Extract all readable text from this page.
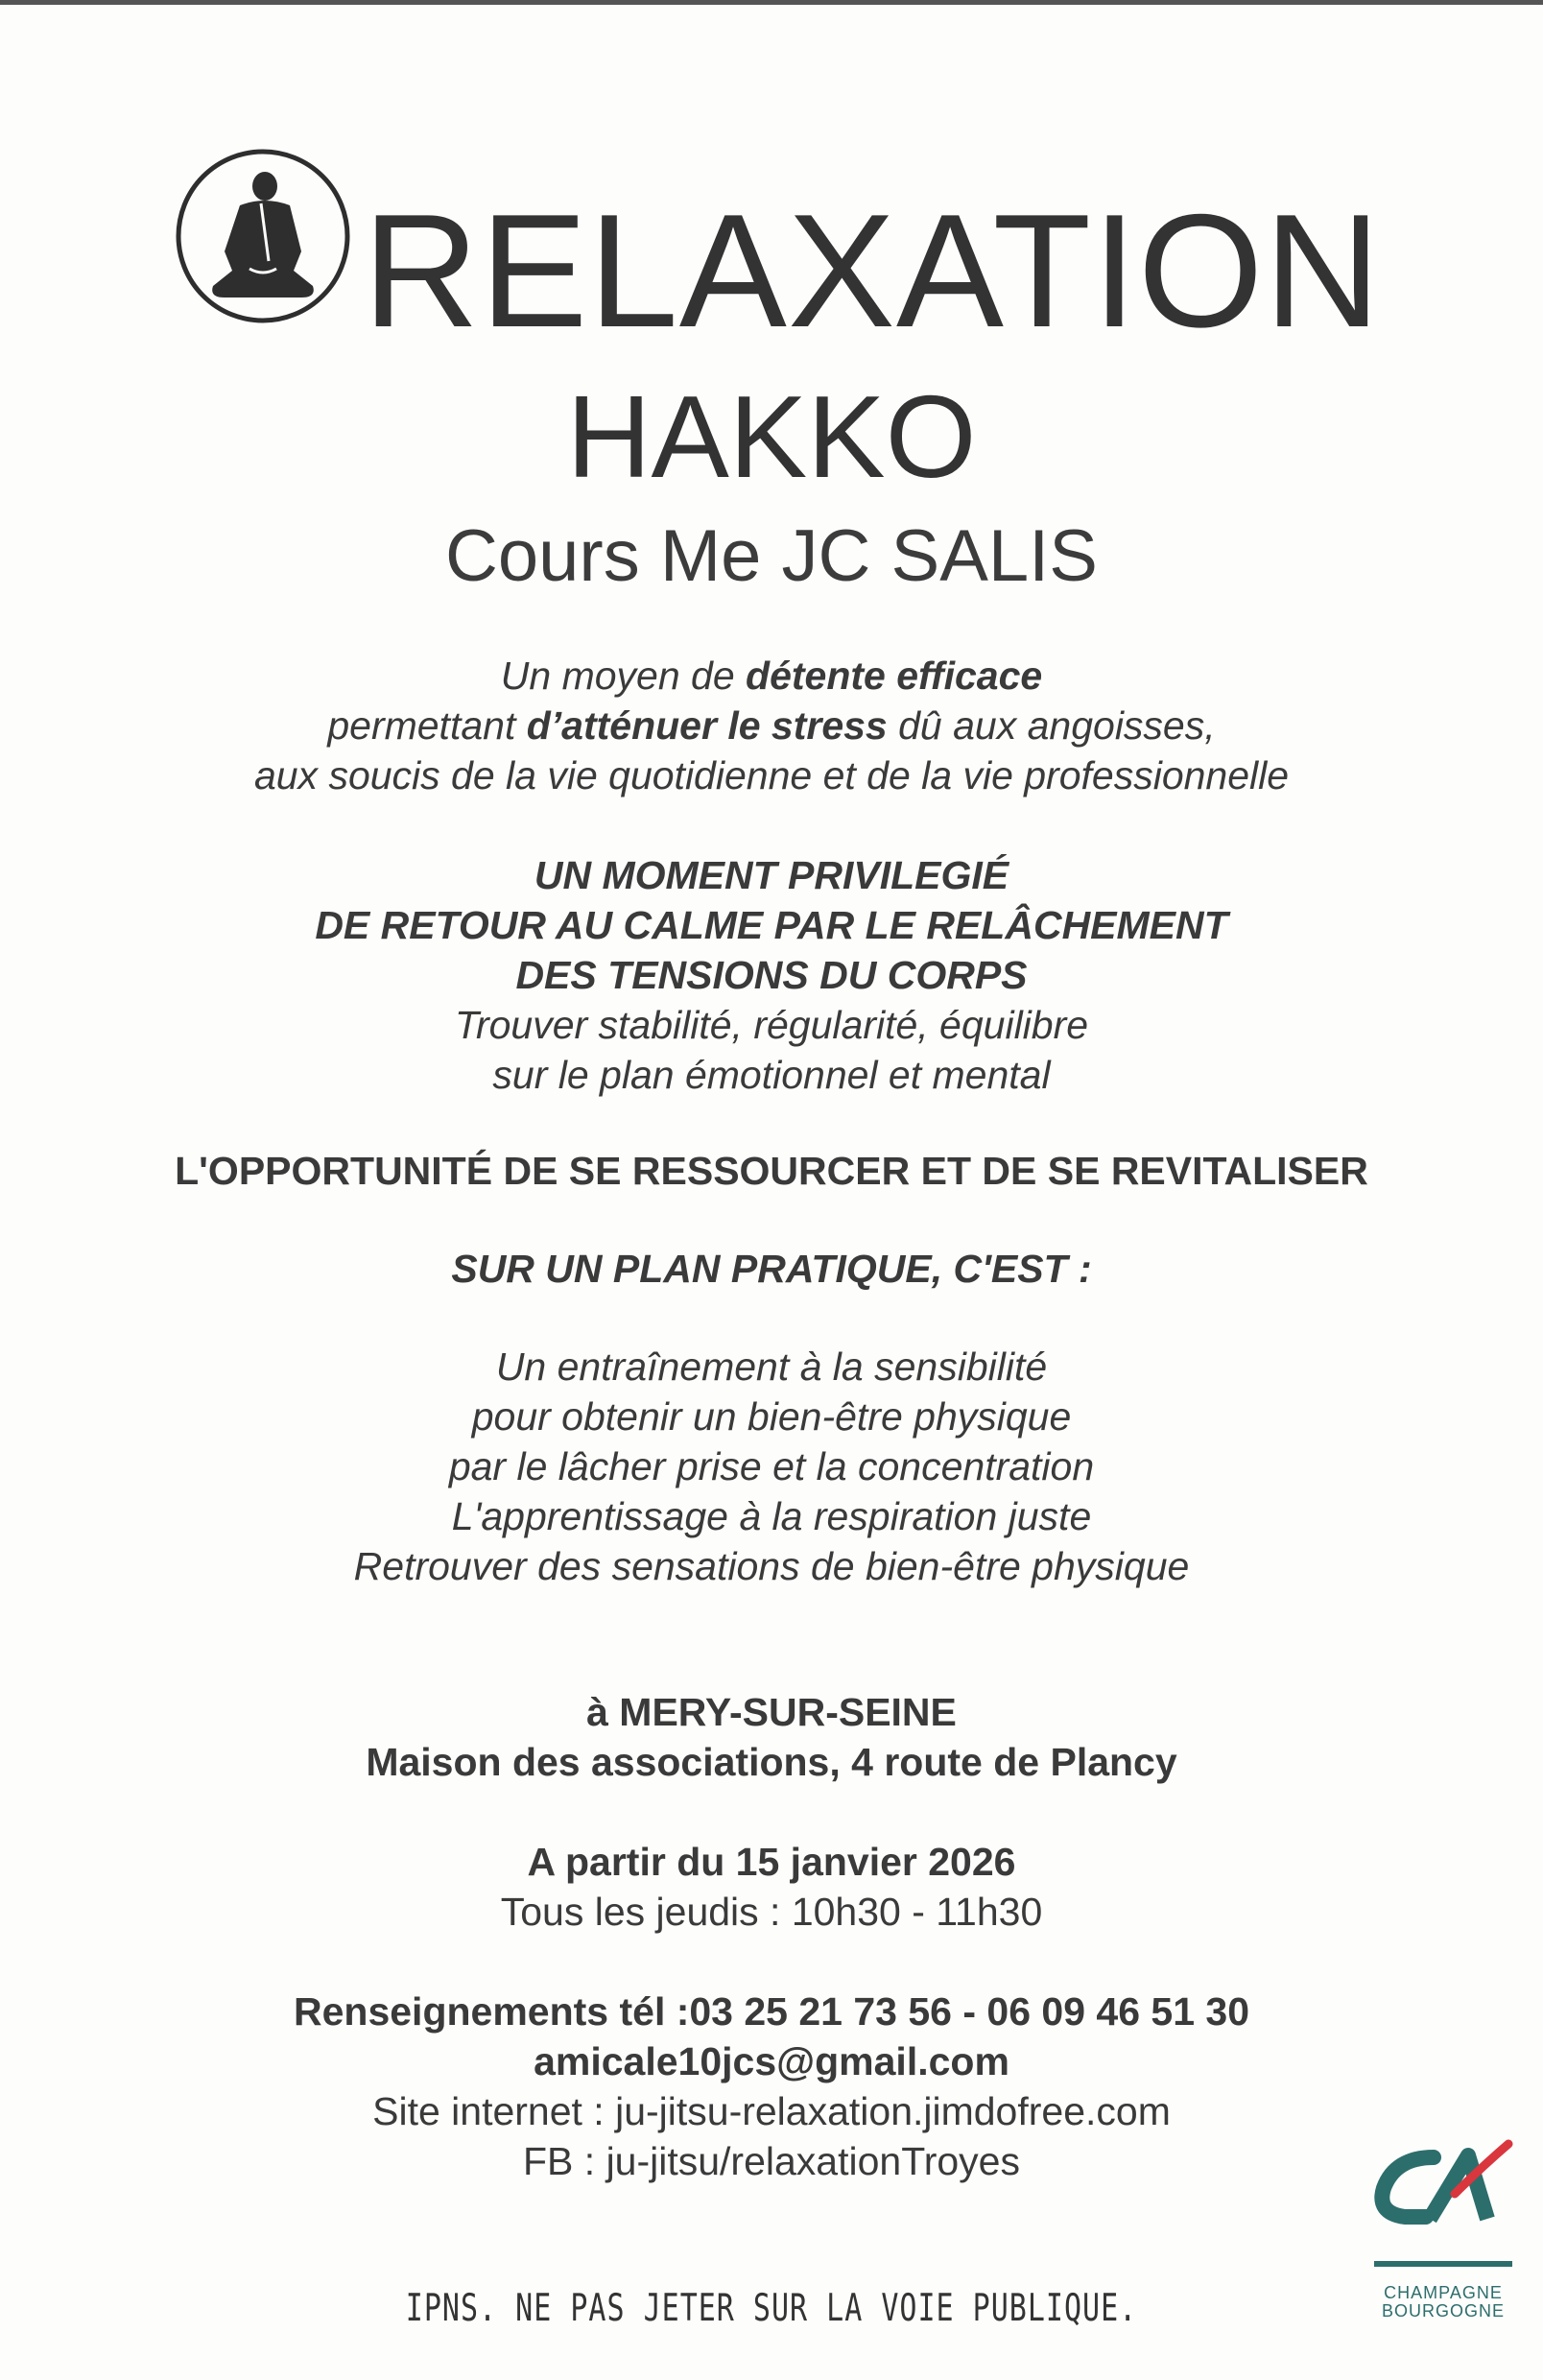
RELAXATION
HAKKO
Cours Me JC SALIS
Un moyen de détente efficace
permettant d’atténuer le stress dû aux angoisses,
aux soucis de la vie quotidienne et de la vie professionnelle
UN MOMENT PRIVILEGIÉ
DE RETOUR AU CALME PAR LE RELÂCHEMENT
DES TENSIONS DU CORPS
Trouver stabilité, régularité, équilibre
sur le plan émotionnel et mental
L'OPPORTUNITÉ DE SE RESSOURCER ET DE SE REVITALISER
SUR UN PLAN PRATIQUE, C'EST :
Un entraînement à la sensibilité
pour obtenir un bien-être physique
par le lâcher prise et la concentration
L'apprentissage à la respiration juste
Retrouver des sensations de bien-être physique
à MERY-SUR-SEINE
Maison des associations, 4 route de Plancy
A partir du 15 janvier 2026
Tous les jeudis : 10h30 - 11h30
Renseignements tél :03 25 21 73 56 - 06 09 46 51 30
amicale10jcs@gmail.com
Site internet : ju-jitsu-relaxation.jimdofree.com
FB : ju-jitsu/relaxationTroyes
IPNS. NE PAS JETER SUR LA VOIE PUBLIQUE.	CHAMPAGNE
BOURGOGNE
